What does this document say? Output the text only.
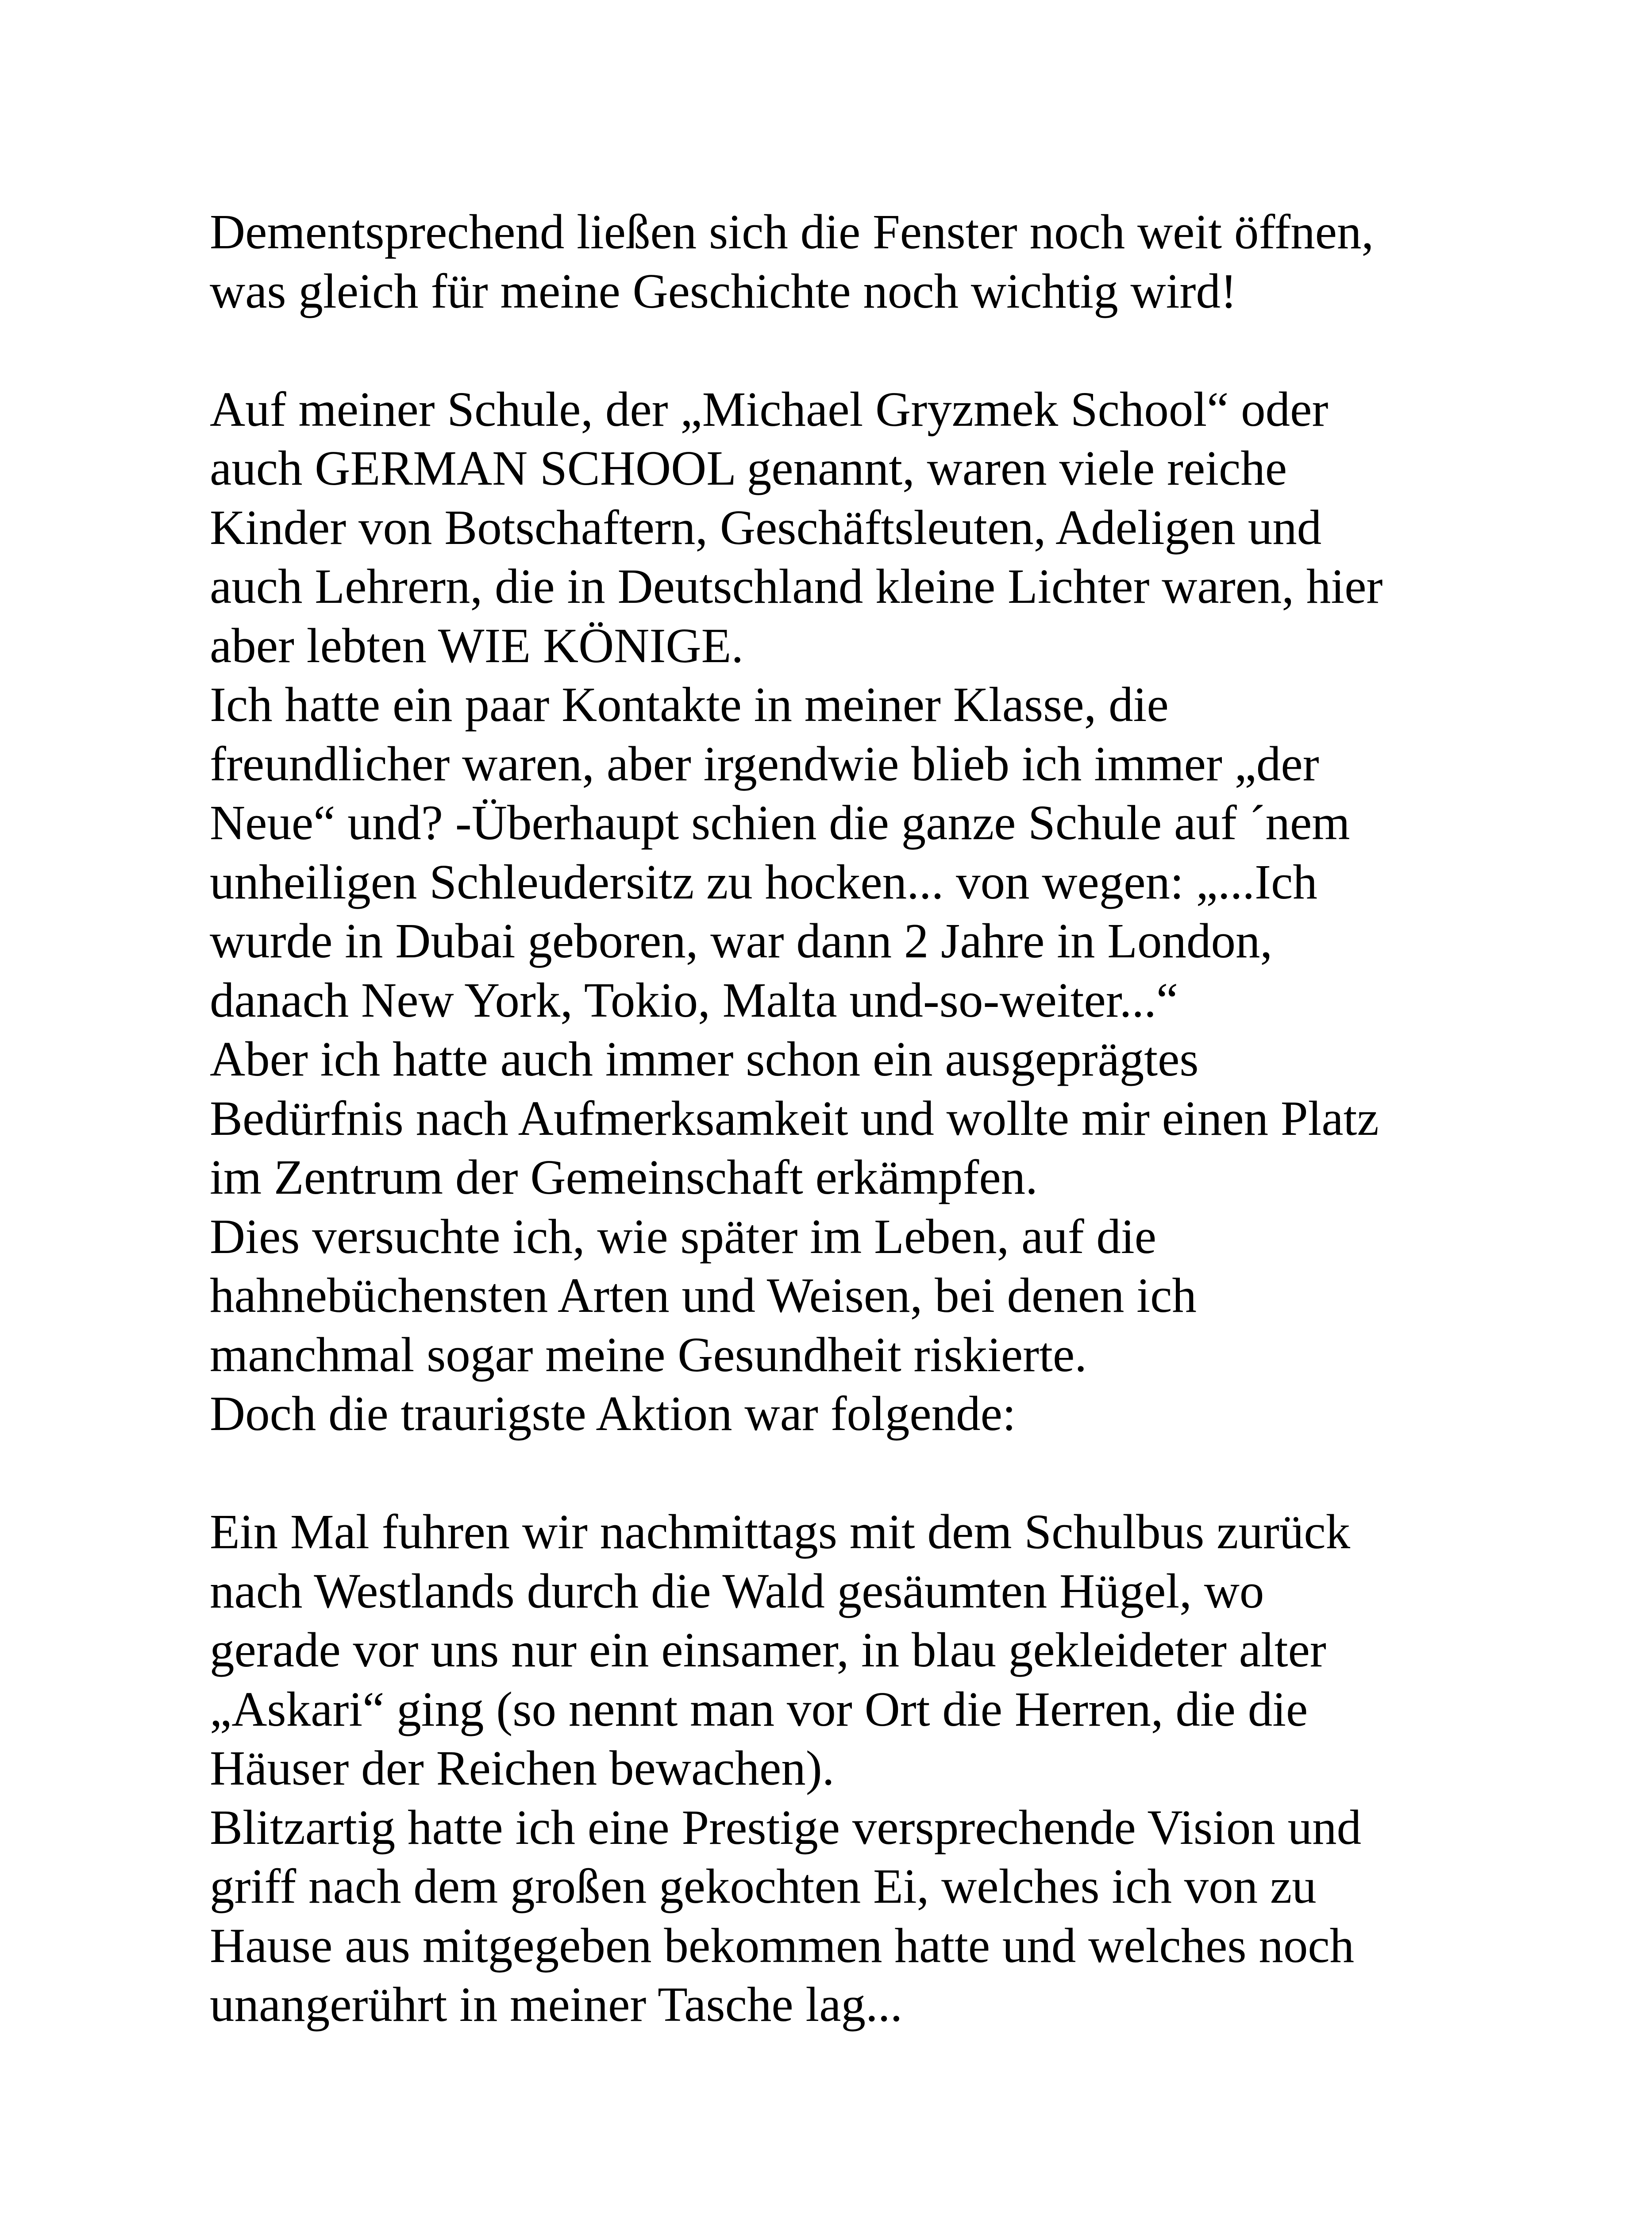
Dementsprechend ließen sich die Fenster noch weit öffnen,
was gleich für meine Geschichte noch wichtig wird!
Auf meiner Schule, der „Michael Gryzmek School“ oder
auch GERMAN SCHOOL genannt, waren viele reiche
Kinder von Botschaftern, Geschäftsleuten, Adeligen und
auch Lehrern, die in Deutschland kleine Lichter waren, hier
aber lebten WIE KÖNIGE.
Ich hatte ein paar Kontakte in meiner Klasse, die
freundlicher waren, aber irgendwie blieb ich immer „der
Neue“ und? -Überhaupt schien die ganze Schule auf ´nem
unheiligen Schleudersitz zu hocken... von wegen: „...Ich
wurde in Dubai geboren, war dann 2 Jahre in London,
danach New York, Tokio, Malta und-so-weiter...“
Aber ich hatte auch immer schon ein ausgeprägtes
Bedürfnis nach Aufmerksamkeit und wollte mir einen Platz
im Zentrum der Gemeinschaft erkämpfen.
Dies versuchte ich, wie später im Leben, auf die
hahnebüchensten Arten und Weisen, bei denen ich
manchmal sogar meine Gesundheit riskierte.
Doch die traurigste Aktion war folgende:
Ein Mal fuhren wir nachmittags mit dem Schulbus zurück
nach Westlands durch die Wald gesäumten Hügel, wo
gerade vor uns nur ein einsamer, in blau gekleideter alter
„Askari“ ging (so nennt man vor Ort die Herren, die die
Häuser der Reichen bewachen).
Blitzartig hatte ich eine Prestige versprechende Vision und
griff nach dem großen gekochten Ei, welches ich von zu
Hause aus mitgegeben bekommen hatte und welches noch
unangerührt in meiner Tasche lag...
